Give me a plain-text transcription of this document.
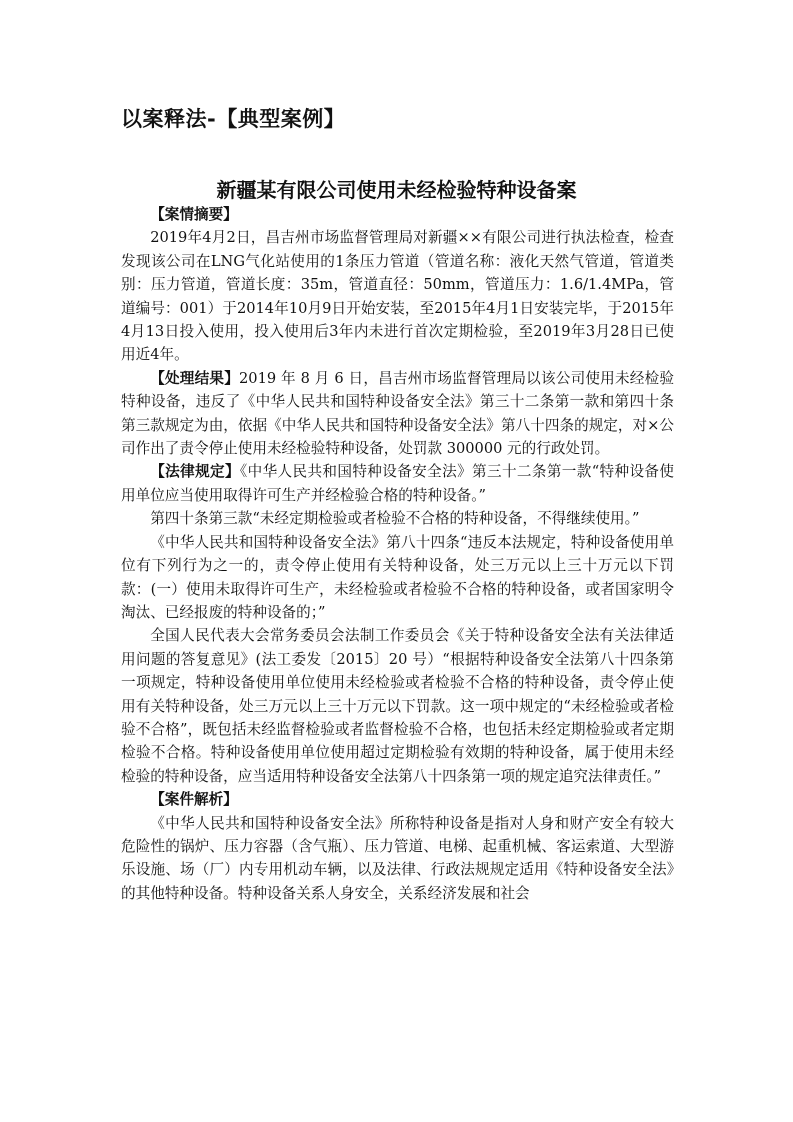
以案释法-【典型案例】
新疆某有限公司使用未经检验特种设备案
【案情摘要】

2019年4月2日，昌吉州市场监督管理局对新疆××有限公司进行执法检查，检查发现该公司在LNG气化站使用的1条压力管道（管道名称：液化天然气管道，管道类别：压力管道，管道长度：35m，管道直径：50mm，管道压力：1.6/1.4MPa，管道编号：001）于2014年10月9日开始安装，至2015年4月1日安装完毕，于2015年4月13日投入使用，投入使用后3年内未进行首次定期检验，至2019年3月28日已使用近4年。

【处理结果】2019 年 8 月 6 日，昌吉州市场监督管理局以该公司使用未经检验特种设备，违反了《中华人民共和国特种设备安全法》第三十二条第一款和第四十条第三款规定为由，依据《中华人民共和国特种设备安全法》第八十四条的规定，对×公司作出了责令停止使用未经检验特种设备，处罚款 300000 元的行政处罚。

【法律规定】《中华人民共和国特种设备安全法》第三十二条第一款“特种设备使用单位应当使用取得许可生产并经检验合格的特种设备。”

第四十条第三款“未经定期检验或者检验不合格的特种设备，不得继续使用。”

《中华人民共和国特种设备安全法》第八十四条“违反本法规定，特种设备使用单位有下列行为之一的，责令停止使用有关特种设备，处三万元以上三十万元以下罚款：(一）使用未取得许可生产，未经检验或者检验不合格的特种设备，或者国家明令淘汰、已经报废的特种设备的；”

全国人民代表大会常务委员会法制工作委员会《关于特种设备安全法有关法律适用问题的答复意见》(法工委发〔2015〕20 号）“根据特种设备安全法第八十四条第一项规定，特种设备使用单位使用未经检验或者检验不合格的特种设备，责令停止使用有关特种设备，处三万元以上三十万元以下罚款。这一项中规定的“未经检验或者检验不合格”，既包括未经监督检验或者监督检验不合格，也包括未经定期检验或者定期检验不合格。特种设备使用单位使用超过定期检验有效期的特种设备，属于使用未经检验的特种设备，应当适用特种设备安全法第八十四条第一项的规定追究法律责任。”

【案件解析】

《中华人民共和国特种设备安全法》所称特种设备是指对人身和财产安全有较大危险性的锅炉、压力容器（含气瓶）、压力管道、电梯、起重机械、客运索道、大型游乐设施、场（厂）内专用机动车辆，以及法律、行政法规规定适用《特种设备安全法》的其他特种设备。特种设备关系人身安全，关系经济发展和社会
